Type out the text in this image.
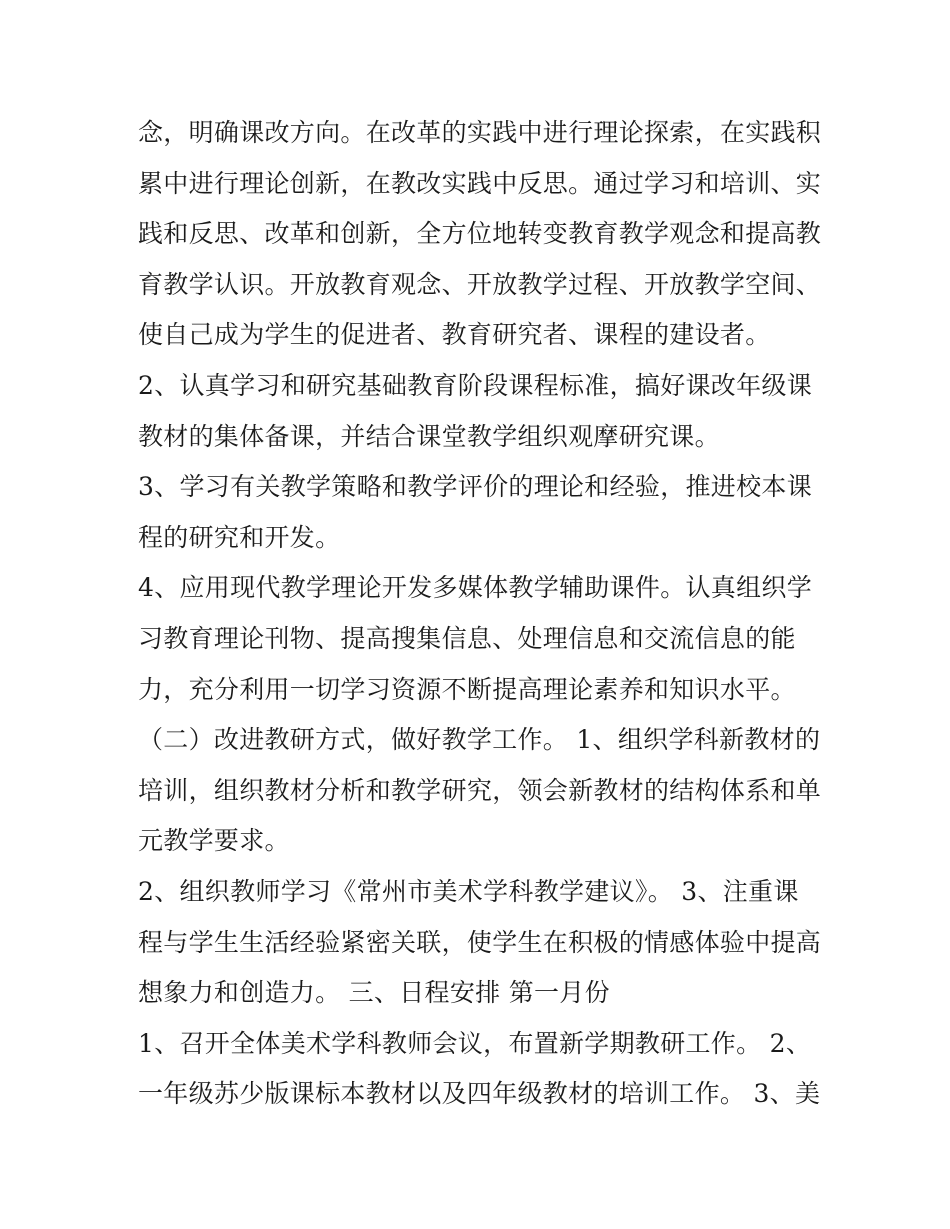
念，明确课改方向。在改革的实践中进行理论探索，在实践积
累中进行理论创新，在教改实践中反思。通过学习和培训、实
践和反思、改革和创新，全方位地转变教育教学观念和提高教
育教学认识。开放教育观念、开放教学过程、开放教学空间、
使自己成为学生的促进者、教育研究者、课程的建设者。
2、认真学习和研究基础教育阶段课程标准，搞好课改年级课
教材的集体备课，并结合课堂教学组织观摩研究课。
3、学习有关教学策略和教学评价的理论和经验，推进校本课
程的研究和开发。
4、应用现代教学理论开发多媒体教学辅助课件。认真组织学
习教育理论刊物、提高搜集信息、处理信息和交流信息的能
力，充分利用一切学习资源不断提高理论素养和知识水平。
（二）改进教研方式，做好教学工作。 1、组织学科新教材的
培训，组织教材分析和教学研究，领会新教材的结构体系和单
元教学要求。
2、组织教师学习《常州市美术学科教学建议》。 3、注重课
程与学生生活经验紧密关联，使学生在积极的情感体验中提高
想象力和创造力。 三、日程安排 第一月份
1、召开全体美术学科教师会议，布置新学期教研工作。 2、
一年级苏少版课标本教材以及四年级教材的培训工作。 3、美
